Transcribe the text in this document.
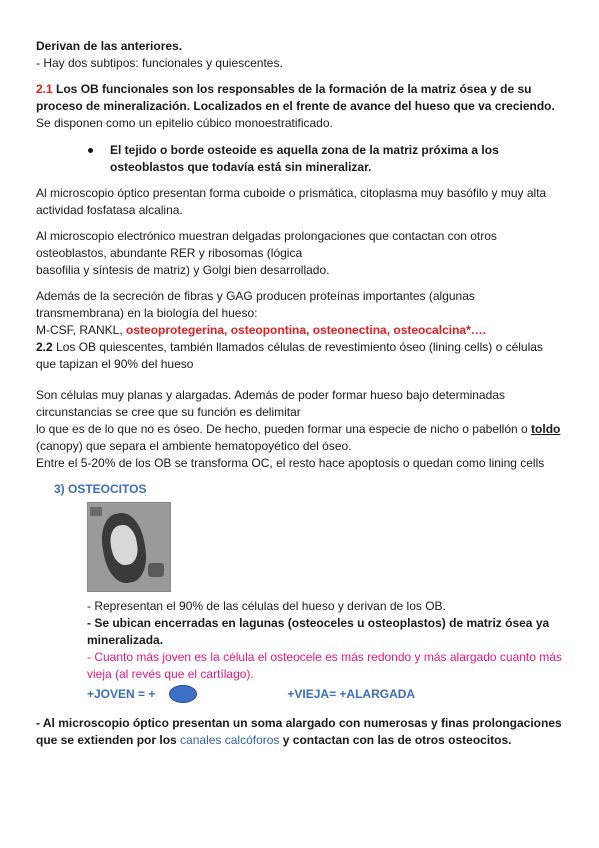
Derivan de las anteriores.

- Hay dos subtipos: funcionales y quiescentes.

2.1 Los OB funcionales son los responsables de la formación de la matriz ósea y de su proceso de mineralización. Localizados en el frente de avance del hueso que va creciendo.

Se disponen como un epitelio cúbico monoestratificado.

El tejido o borde osteoide es aquella zona de la matriz próxima a los osteoblastos que todavía está sin mineralizar.

Al microscopio óptico presentan forma cuboide o prismática, citoplasma muy basófilo y muy alta actividad fosfatasa alcalina.

Al microscopio electrónico muestran delgadas prolongaciones que contactan con otros osteoblastos, abundante RER y ribosomas (lógica

basofilia y síntesis de matriz) y Golgi bien desarrollado.

Además de la secreción de fibras y GAG producen proteínas importantes (algunas transmembrana) en la biología del hueso:

M-CSF, RANKL, osteoprotegerina, osteopontina, osteonectina, osteocalcina*….

2.2 Los OB quiescentes, también llamados células de revestimiento óseo (lining cells) o células que tapizan el 90% del hueso

Son células muy planas y alargadas. Además de poder formar hueso bajo determinadas circunstancias se cree que su función es delimitar

lo que es de lo que no es óseo. De hecho, pueden formar una especie de nicho o pabellón o toldo (canopy) que separa el ambiente hematopoyético del óseo.

Entre el 5-20% de los OB se transforma OC, el resto hace apoptosis o quedan como lining cells

3) OSTEOCITOS

- Representan el 90% de las células del hueso y derivan de los OB.

- Se ubican encerradas en lagunas (osteoceles u osteoplastos) de matriz ósea ya mineralizada.

- Cuanto más joven es la célula el osteocele es más redondo y más alargado cuanto más vieja (al revés que el cartílago).

+JOVEN = +	+VIEJA= +ALARGADA

- Al microscopio óptico presentan un soma alargado con numerosas y finas prolongaciones que se extienden por los canales calcóforos y contactan con las de otros osteocitos.
